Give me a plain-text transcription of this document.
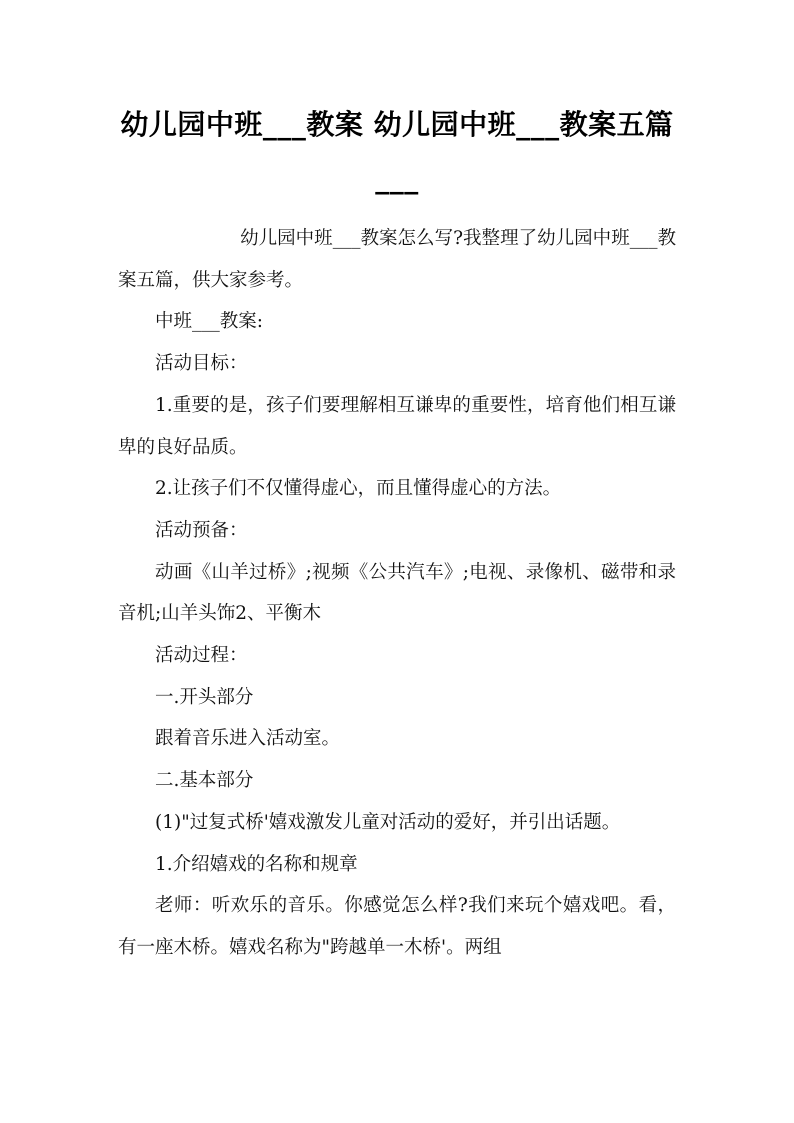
幼儿园中班___教案 幼儿园中班___教案五篇___

幼儿园中班___教案怎么写?我整理了幼儿园中班___教案五篇，供大家参考。

中班___教案:

活动目标：

1.重要的是，孩子们要理解相互谦卑的重要性，培育他们相互谦卑的良好品质。

2.让孩子们不仅懂得虚心，而且懂得虚心的方法。

活动预备：

动画《山羊过桥》;视频《公共汽车》;电视、录像机、磁带和录音机;山羊头饰2、平衡木

活动过程：

一.开头部分

跟着音乐进入活动室。

二.基本部分

(1)"过复式桥'嬉戏激发儿童对活动的爱好，并引出话题。

1.介绍嬉戏的名称和规章

老师：听欢乐的音乐。你感觉怎么样?我们来玩个嬉戏吧。看，有一座木桥。嬉戏名称为"跨越单一木桥'。两组
